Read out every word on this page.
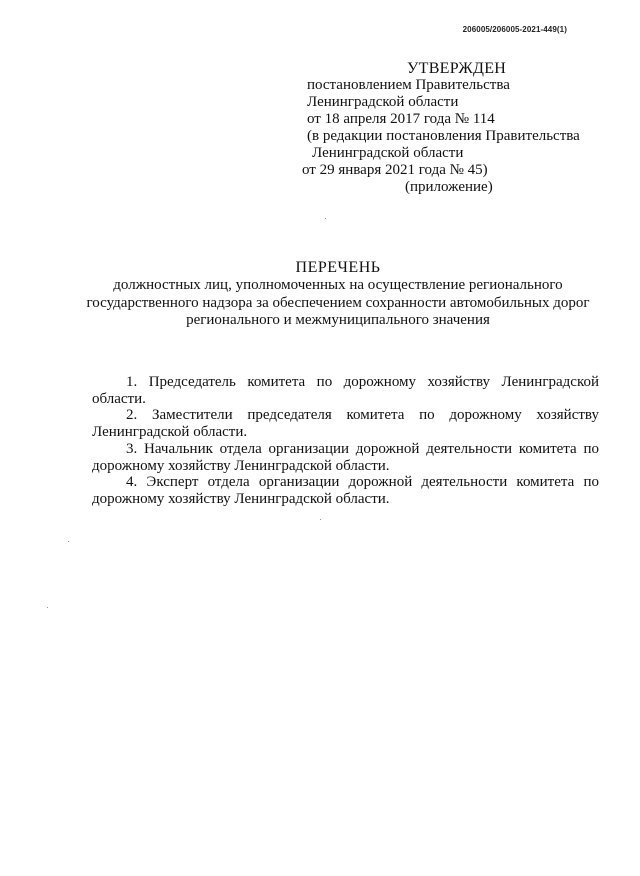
206005/206005-2021-449(1)
УТВЕРЖДЕН
постановлением Правительства
Ленинградской области
от 18 апреля 2017 года № 114
(в редакции постановления Правительства
Ленинградской области
от 29 января 2021 года № 45)
(приложение)
ПЕРЕЧЕНЬ
должностных лиц, уполномоченных на осуществление регионального
государственного надзора за обеспечением сохранности автомобильных дорог
регионального и межмуниципального значения
1. Председатель комитета по дорожному хозяйству Ленинградской области.
2. Заместители председателя комитета по дорожному хозяйству Ленинградской области.
3. Начальник отдела организации дорожной деятельности комитета по дорожному хозяйству Ленинградской области.
4. Эксперт отдела организации дорожной деятельности комитета по дорожному хозяйству Ленинградской области.
